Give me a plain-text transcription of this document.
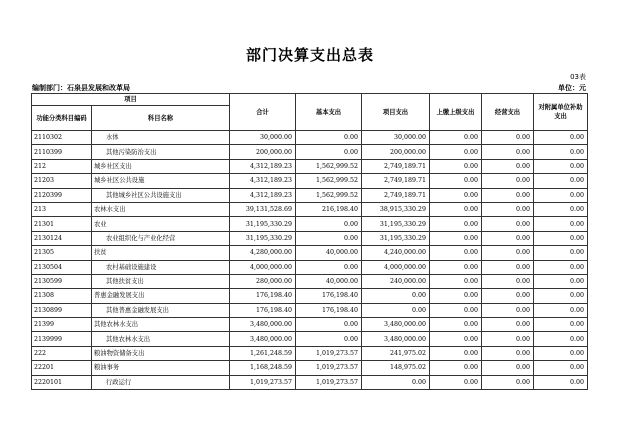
部门决算支出总表
03表
编制部门：石泉县发展和改革局	单位：元
项目		合计	基本支出	项目支出	上缴上级支出	经营支出	对附属单位补助支出
功能分类科目编码	科目名称						
2110302	水体	30,000.00	0.00	30,000.00	0.00	0.00	0.00
2110399	其他污染防治支出	200,000.00	0.00	200,000.00	0.00	0.00	0.00
212	城乡社区支出	4,312,189.23	1,562,999.52	2,749,189.71	0.00	0.00	0.00
21203	城乡社区公共设施	4,312,189.23	1,562,999.52	2,749,189.71	0.00	0.00	0.00
2120399	其他城乡社区公共设施支出	4,312,189.23	1,562,999.52	2,749,189.71	0.00	0.00	0.00
213	农林水支出	39,131,528.69	216,198.40	38,915,330.29	0.00	0.00	0.00
21301	农业	31,195,330.29	0.00	31,195,330.29	0.00	0.00	0.00
2130124	农业组织化与产业化经营	31,195,330.29	0.00	31,195,330.29	0.00	0.00	0.00
21305	扶贫	4,280,000.00	40,000.00	4,240,000.00	0.00	0.00	0.00
2130504	农村基础设施建设	4,000,000.00	0.00	4,000,000.00	0.00	0.00	0.00
2130599	其他扶贫支出	280,000.00	40,000.00	240,000.00	0.00	0.00	0.00
21308	普惠金融发展支出	176,198.40	176,198.40	0.00	0.00	0.00	0.00
2130899	其他普惠金融发展支出	176,198.40	176,198.40	0.00	0.00	0.00	0.00
21399	其他农林水支出	3,480,000.00	0.00	3,480,000.00	0.00	0.00	0.00
2139999	其他农林水支出	3,480,000.00	0.00	3,480,000.00	0.00	0.00	0.00
222	粮油物资储备支出	1,261,248.59	1,019,273.57	241,975.02	0.00	0.00	0.00
22201	粮油事务	1,168,248.59	1,019,273.57	148,975.02	0.00	0.00	0.00
2220101	行政运行	1,019,273.57	1,019,273.57	0.00	0.00	0.00	0.00
